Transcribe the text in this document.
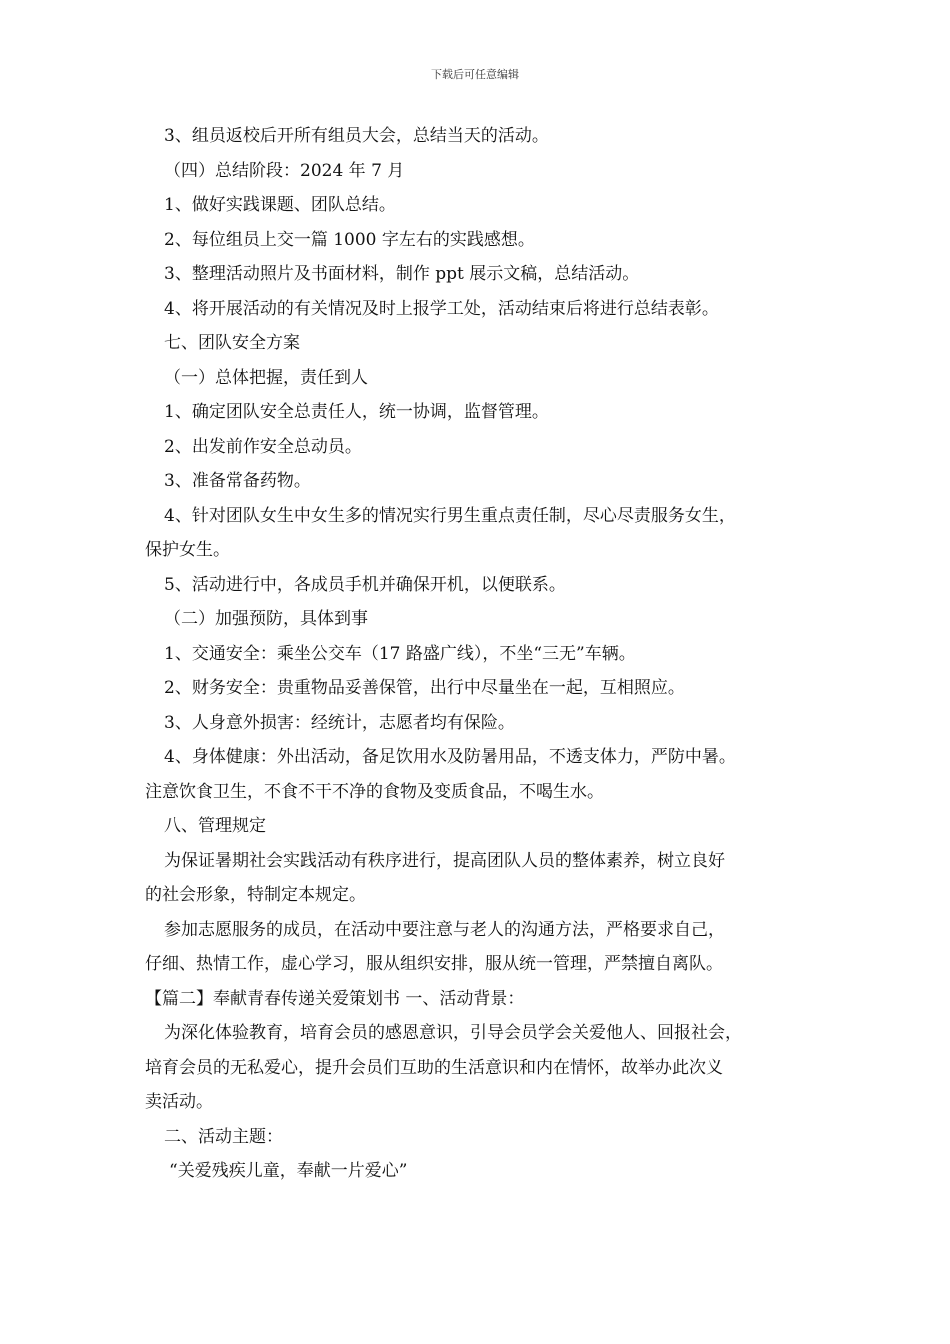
下载后可任意编辑

3、组员返校后开所有组员大会，总结当天的活动。

（四）总结阶段：2024 年 7 月

1、做好实践课题、团队总结。

2、每位组员上交一篇 1000 字左右的实践感想。

3、整理活动照片及书面材料，制作 ppt 展示文稿，总结活动。

4、将开展活动的有关情况及时上报学工处，活动结束后将进行总结表彰。

七、团队安全方案

（一）总体把握，责任到人

1、确定团队安全总责任人，统一协调，监督管理。

2、出发前作安全总动员。

3、准备常备药物。

4、针对团队女生中女生多的情况实行男生重点责任制，尽心尽责服务女生，

保护女生。

5、活动进行中，各成员手机并确保开机，以便联系。

（二）加强预防，具体到事

1、交通安全：乘坐公交车（17 路盛广线），不坐“三无”车辆。

2、财务安全：贵重物品妥善保管，出行中尽量坐在一起，互相照应。

3、人身意外损害：经统计，志愿者均有保险。

4、身体健康：外出活动，备足饮用水及防暑用品，不透支体力，严防中暑。

注意饮食卫生，不食不干不净的食物及变质食品，不喝生水。

八、管理规定

为保证暑期社会实践活动有秩序进行，提高团队人员的整体素养，树立良好

的社会形象，特制定本规定。

参加志愿服务的成员，在活动中要注意与老人的沟通方法，严格要求自己，

仔细、热情工作，虚心学习，服从组织安排，服从统一管理，严禁擅自离队。

【篇二】奉献青春传递关爱策划书 一、活动背景：

为深化体验教育，培育会员的感恩意识，引导会员学会关爱他人、回报社会，

培育会员的无私爱心，提升会员们互助的生活意识和内在情怀，故举办此次义

卖活动。

二、活动主题：

“关爱残疾儿童，奉献一片爱心”
